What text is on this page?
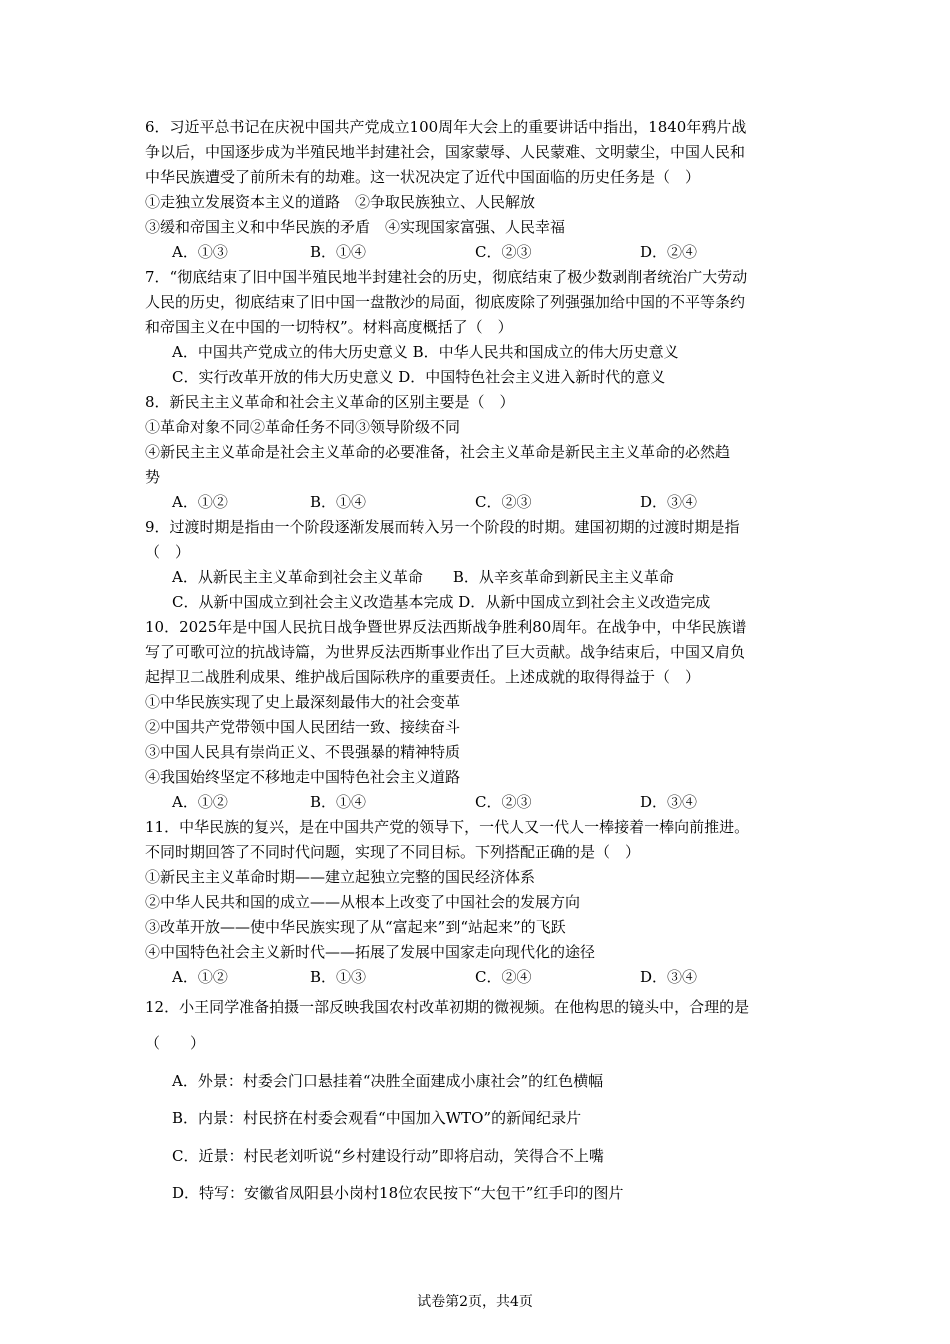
6．习近平总书记在庆祝中国共产党成立100周年大会上的重要讲话中指出，1840年鸦片战
争以后，中国逐步成为半殖民地半封建社会，国家蒙辱、人民蒙难、文明蒙尘，中国人民和
中华民族遭受了前所未有的劫难。这一状况决定了近代中国面临的历史任务是（　）
①走独立发展资本主义的道路　②争取民族独立、人民解放
③缓和帝国主义和中华民族的矛盾　④实现国家富强、人民幸福
A．①③	B．①④	C．②③	D．②④
7．“彻底结束了旧中国半殖民地半封建社会的历史，彻底结束了极少数剥削者统治广大劳动
人民的历史，彻底结束了旧中国一盘散沙的局面，彻底废除了列强强加给中国的不平等条约
和帝国主义在中国的一切特权”。材料高度概括了（　）
A．中国共产党成立的伟大历史意义 B．中华人民共和国成立的伟大历史意义
C．实行改革开放的伟大历史意义 D．中国特色社会主义进入新时代的意义
8．新民主主义革命和社会主义革命的区别主要是（　）
①革命对象不同②革命任务不同③领导阶级不同
④新民主主义革命是社会主义革命的必要准备，社会主义革命是新民主主义革命的必然趋
势
A．①②	B．①④	C．②③	D．③④
9．过渡时期是指由一个阶段逐渐发展而转入另一个阶段的时期。建国初期的过渡时期是指
（　）
A．从新民主主义革命到社会主义革命　　B．从辛亥革命到新民主主义革命
C．从新中国成立到社会主义改造基本完成 D．从新中国成立到社会主义改造完成
10．2025年是中国人民抗日战争暨世界反法西斯战争胜利80周年。在战争中，中华民族谱
写了可歌可泣的抗战诗篇，为世界反法西斯事业作出了巨大贡献。战争结束后，中国又肩负
起捍卫二战胜利成果、维护战后国际秩序的重要责任。上述成就的取得得益于（　）
①中华民族实现了史上最深刻最伟大的社会变革
②中国共产党带领中国人民团结一致、接续奋斗
③中国人民具有崇尚正义、不畏强暴的精神特质
④我国始终坚定不移地走中国特色社会主义道路
A．①②	B．①④	C．②③	D．③④
11．中华民族的复兴，是在中国共产党的领导下，一代人又一代人一棒接着一棒向前推进。
不同时期回答了不同时代问题，实现了不同目标。下列搭配正确的是（　）
①新民主主义革命时期——建立起独立完整的国民经济体系
②中华人民共和国的成立——从根本上改变了中国社会的发展方向
③改革开放——使中华民族实现了从“富起来”到“站起来”的飞跃
④中国特色社会主义新时代——拓展了发展中国家走向现代化的途径
A．①②	B．①③	C．②④	D．③④
12．小王同学准备拍摄一部反映我国农村改革初期的微视频。在他构思的镜头中，合理的是
（　　）
A．外景：村委会门口悬挂着“决胜全面建成小康社会”的红色横幅
B．内景：村民挤在村委会观看“中国加入WTO”的新闻纪录片
C．近景：村民老刘听说“乡村建设行动”即将启动，笑得合不上嘴
D．特写：安徽省凤阳县小岗村18位农民按下“大包干”红手印的图片
试卷第2页，共4页
